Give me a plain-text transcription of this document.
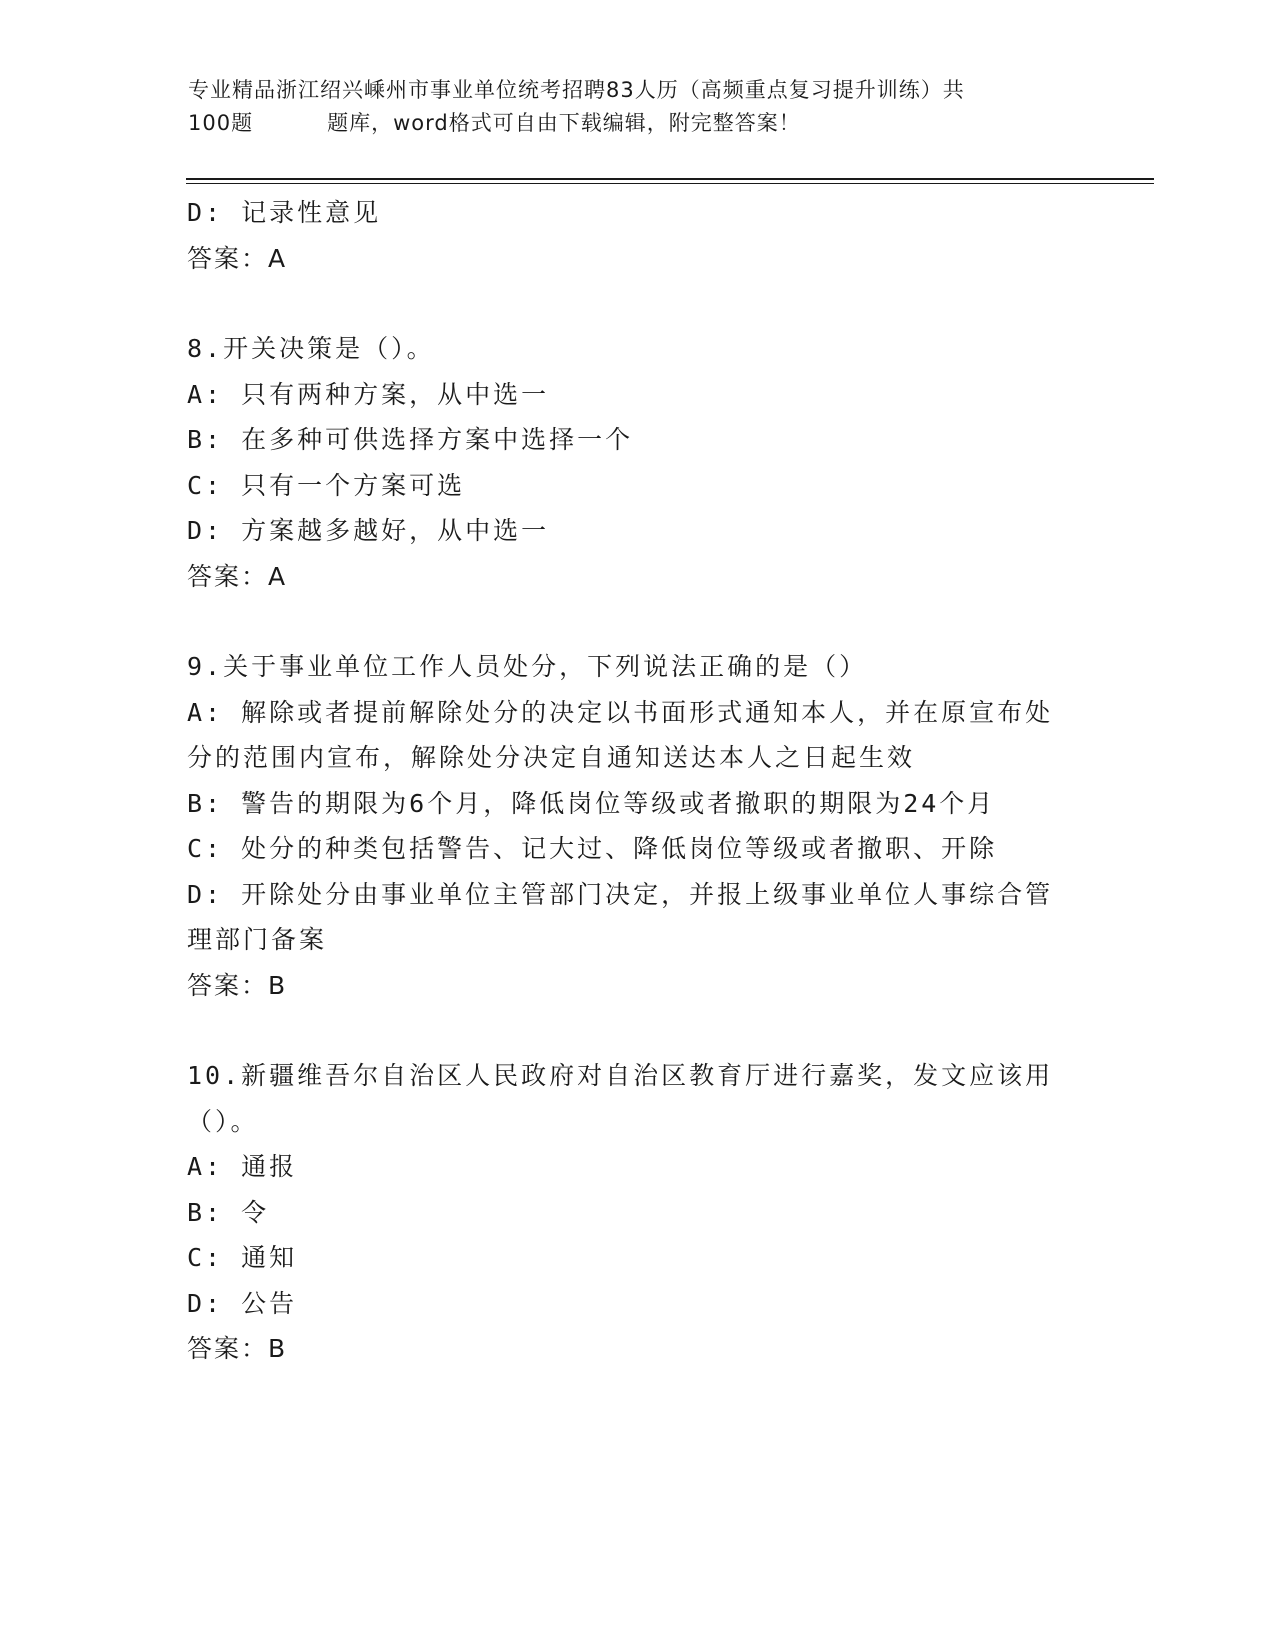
专业精品浙江绍兴嵊州市事业单位统考招聘83人历（高频重点复习提升训练）共
100题	题库，word格式可自由下载编辑，附完整答案！
D: 记录性意见
答案：A
8.开关决策是（）。
A: 只有两种方案，从中选一
B: 在多种可供选择方案中选择一个
C: 只有一个方案可选
D: 方案越多越好，从中选一
答案：A
9.关于事业单位工作人员处分，下列说法正确的是（）
A: 解除或者提前解除处分的决定以书面形式通知本人，并在原宣布处
分的范围内宣布，解除处分决定自通知送达本人之日起生效
B: 警告的期限为6个月，降低岗位等级或者撤职的期限为24个月
C: 处分的种类包括警告、记大过、降低岗位等级或者撤职、开除
D: 开除处分由事业单位主管部门决定，并报上级事业单位人事综合管
理部门备案
答案：B
10.新疆维吾尔自治区人民政府对自治区教育厅进行嘉奖，发文应该用
（）。
A: 通报
B: 令
C: 通知
D: 公告
答案：B
